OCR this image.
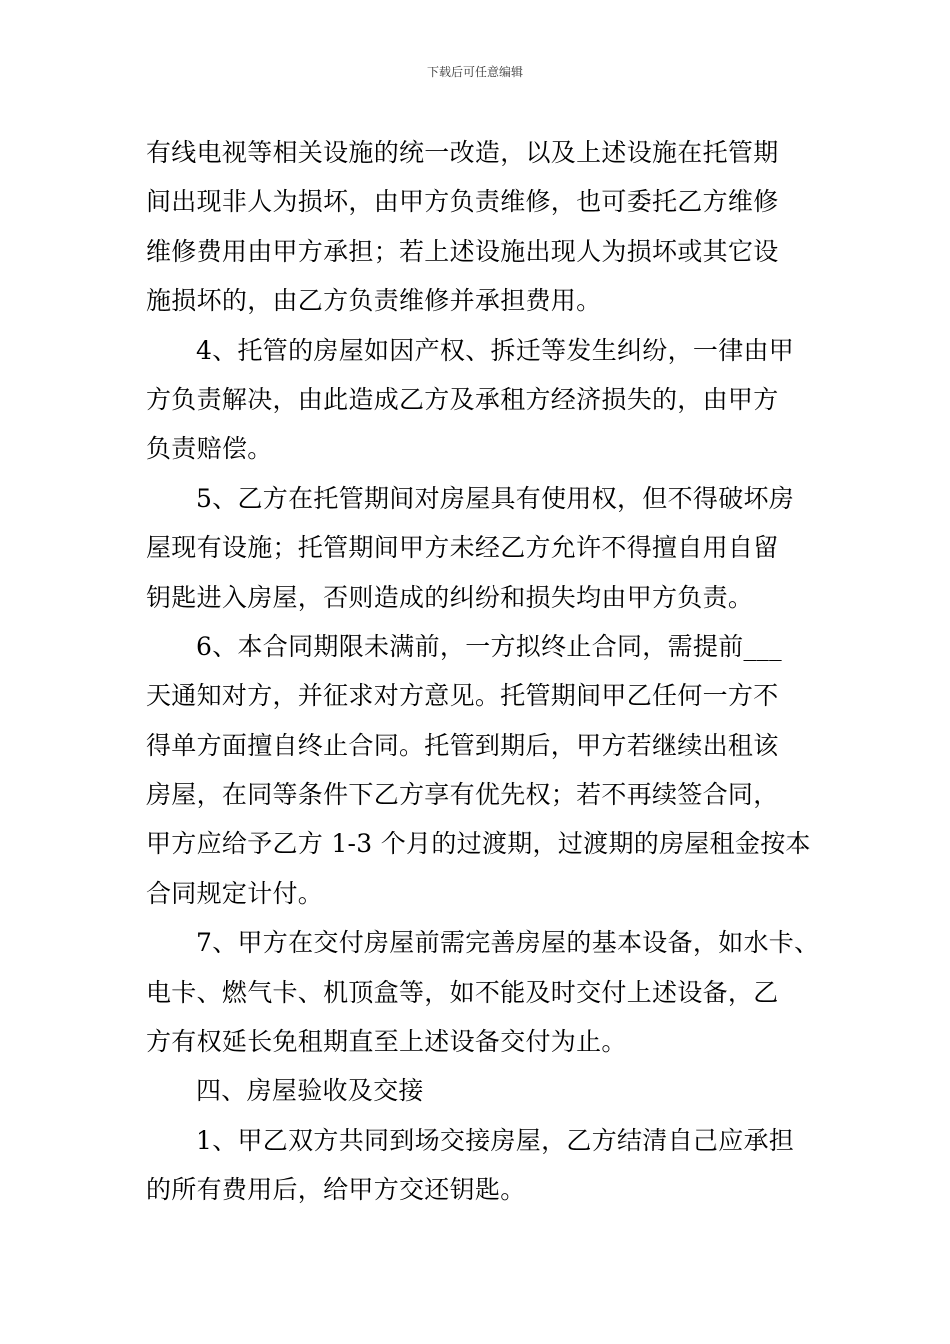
下载后可任意编辑
有线电视等相关设施的统一改造，以及上述设施在托管期
间出现非人为损坏，由甲方负责维修，也可委托乙方维修
维修费用由甲方承担；若上述设施出现人为损坏或其它设
施损坏的，由乙方负责维修并承担费用。
4、托管的房屋如因产权、拆迁等发生纠纷，一律由甲
方负责解决，由此造成乙方及承租方经济损失的，由甲方
负责赔偿。
5、乙方在托管期间对房屋具有使用权，但不得破坏房
屋现有设施；托管期间甲方未经乙方允许不得擅自用自留
钥匙进入房屋，否则造成的纠纷和损失均由甲方负责。
6、本合同期限未满前，一方拟终止合同，需提前___
天通知对方，并征求对方意见。托管期间甲乙任何一方不
得单方面擅自终止合同。托管到期后，甲方若继续出租该
房屋，在同等条件下乙方享有优先权；若不再续签合同，
甲方应给予乙方 1-3 个月的过渡期，过渡期的房屋租金按本
合同规定计付。
7、甲方在交付房屋前需完善房屋的基本设备，如水卡、
电卡、燃气卡、机顶盒等，如不能及时交付上述设备，乙
方有权延长免租期直至上述设备交付为止。
四、房屋验收及交接
1、甲乙双方共同到场交接房屋，乙方结清自己应承担
的所有费用后，给甲方交还钥匙。
